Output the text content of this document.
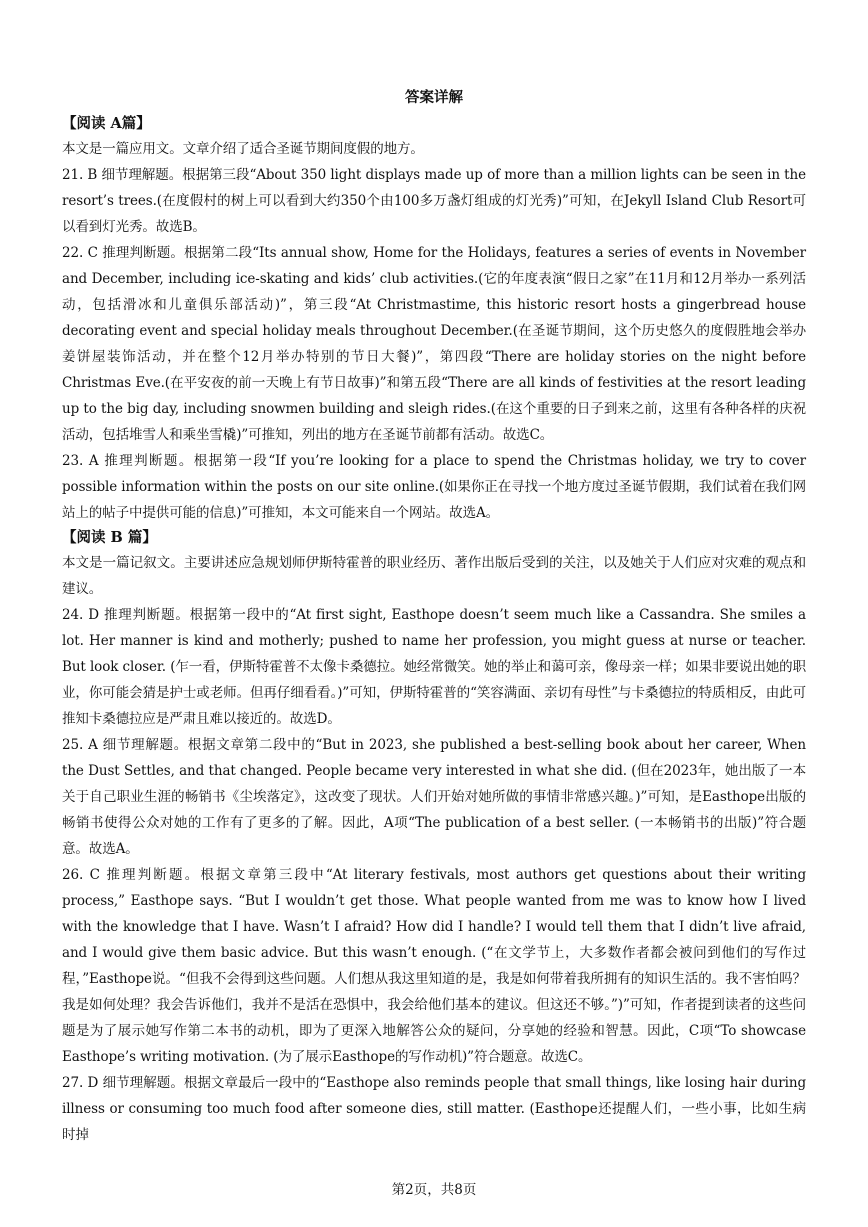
答案详解
【阅读 A篇】

本文是一篇应用文。文章介绍了适合圣诞节期间度假的地方。

21. B 细节理解题。根据第三段“About 350 light displays made up of more than a million lights can be seen in the resort’s trees.(在度假村的树上可以看到大约350个由100多万盏灯组成的灯光秀)”可知，在Jekyll Island Club Resort可以看到灯光秀。故选B。

22. C 推理判断题。根据第二段“Its annual show, Home for the Holidays, features a series of events in November and December, including ice-skating and kids’ club activities.(它的年度表演“假日之家”在11月和12月举办一系列活动，包括滑冰和儿童俱乐部活动)”，第三段“At Christmastime, this historic resort hosts a gingerbread house decorating event and special holiday meals throughout December.(在圣诞节期间，这个历史悠久的度假胜地会举办姜饼屋装饰活动，并在整个12月举办特别的节日大餐)”，第四段“There are holiday stories on the night before Christmas Eve.(在平安夜的前一天晚上有节日故事)”和第五段“There are all kinds of festivities at the resort leading up to the big day, including snowmen building and sleigh rides.(在这个重要的日子到来之前，这里有各种各样的庆祝活动，包括堆雪人和乘坐雪橇)”可推知，列出的地方在圣诞节前都有活动。故选C。

23. A 推理判断题。根据第一段“If you’re looking for a place to spend the Christmas holiday, we try to cover possible information within the posts on our site online.(如果你正在寻找一个地方度过圣诞节假期，我们试着在我们网站上的帖子中提供可能的信息)”可推知，本文可能来自一个网站。故选A。

【阅读 B 篇】

本文是一篇记叙文。主要讲述应急规划师伊斯特霍普的职业经历、著作出版后受到的关注，以及她关于人们应对灾难的观点和建议。

24. D 推理判断题。根据第一段中的“At first sight, Easthope doesn’t seem much like a Cassandra. She smiles a lot. Her manner is kind and motherly; pushed to name her profession, you might guess at nurse or teacher. But look closer. (乍一看，伊斯特霍普不太像卡桑德拉。她经常微笑。她的举止和蔼可亲，像母亲一样；如果非要说出她的职业，你可能会猜是护士或老师。但再仔细看看。)”可知，伊斯特霍普的“笑容满面、亲切有母性”与卡桑德拉的特质相反，由此可推知卡桑德拉应是严肃且难以接近的。故选D。

25. A 细节理解题。根据文章第二段中的“But in 2023, she published a best-selling book about her career, When the Dust Settles, and that changed. People became very interested in what she did. (但在2023年，她出版了一本关于自己职业生涯的畅销书《尘埃落定》，这改变了现状。人们开始对她所做的事情非常感兴趣。)”可知，是Easthope出版的畅销书使得公众对她的工作有了更多的了解。因此，A项“The publication of a best seller. (一本畅销书的出版)”符合题意。故选A。

26. C 推理判断题。根据文章第三段中“At literary festivals, most authors get questions about their writing process,” Easthope says. “But I wouldn’t get those. What people wanted from me was to know how I lived with the knowledge that I have. Wasn’t I afraid? How did I handle? I would tell them that I didn’t live afraid, and I would give them basic advice. But this wasn’t enough. (“在文学节上，大多数作者都会被问到他们的写作过程，”Easthope说。“但我不会得到这些问题。人们想从我这里知道的是，我是如何带着我所拥有的知识生活的。我不害怕吗？我是如何处理？我会告诉他们，我并不是活在恐惧中，我会给他们基本的建议。但这还不够。”)”可知，作者提到读者的这些问题是为了展示她写作第二本书的动机，即为了更深入地解答公众的疑问，分享她的经验和智慧。因此，C项“To showcase Easthope’s writing motivation. (为了展示Easthope的写作动机)”符合题意。故选C。

27. D 细节理解题。根据文章最后一段中的“Easthope also reminds people that small things, like losing hair during illness or consuming too much food after someone dies, still matter. (Easthope还提醒人们，一些小事，比如生病时掉

第2页，共8页
